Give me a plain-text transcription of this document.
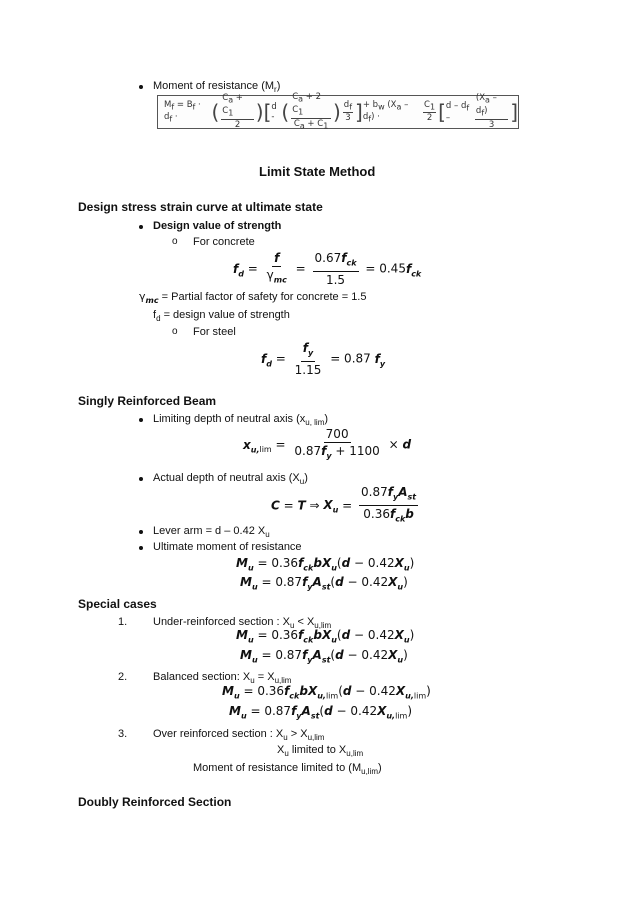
Moment of resistance $(M_r)$
$M_f = B_f \cdot d_f$ ·	(
$C_a + C_1$
2
) [ d - (
$C_a + 2$ $C_1$
$C_a + C_1$
) $d_f$
3 ] + $b_w$ $(X_a - d_f)$ ·
$C_1$
2 [ d – $d_f$ –
$(X_a - d_f)$
3
]
Limit State Method
Design stress strain curve at ultimate state
Design value of strength
o For concrete
$f_d = \frac{f}{\gamma_{mc}} = \frac{0.67f_{ck}}{1.5} = 0.45f_{ck}$
$\gamma_{mc}$ = Partial factor of safety for concrete = 1.5
$f_d$ = design value of strength
o For steel
$f_d = \frac{f_y}{1.15} = 0.87$ $f_y$
Singly Reinforced Beam
Limiting depth of neutral axis $(x_{u, lim})$
$x_{u,lim} = \frac{700}{0.87f_y + 1100} \times d$
Actual depth of neutral axis $(X_u)$
C = T ⇒ $X_u = \frac{0.87f_yA_{st}}{0.36f_{ck}b}$
Lever arm = d – 0.42 $X_u$
Ultimate moment of resistance
$M_u = 0.36f_{ck}bX_u(d - 0.42X_u)$
$M_u = 0.87f_yA_{st}(d - 0.42X_u)$
Special cases
1. Under-reinforced section : $X_u < X_{u,lim}$
$M_u = 0.36f_{ck}bX_u(d - 0.42X_u)$
$M_u = 0.87f_yA_{st}(d - 0.42X_u)$
2. Balanced section: $X_u = X_{u,lim}$
$M_u = 0.36f_{ck}bX_{u,lim}(d - 0.42X_{u,lim})$
$M_u = 0.87f_yA_{st}(d - 0.42X_{u,lim})$
3. Over reinforced section : $X_u > X_{u,lim}$
$X_u$ limited to $X_{u,lim}$
Moment of resistance limited to $(M_{u,lim})$
Doubly Reinforced Section
